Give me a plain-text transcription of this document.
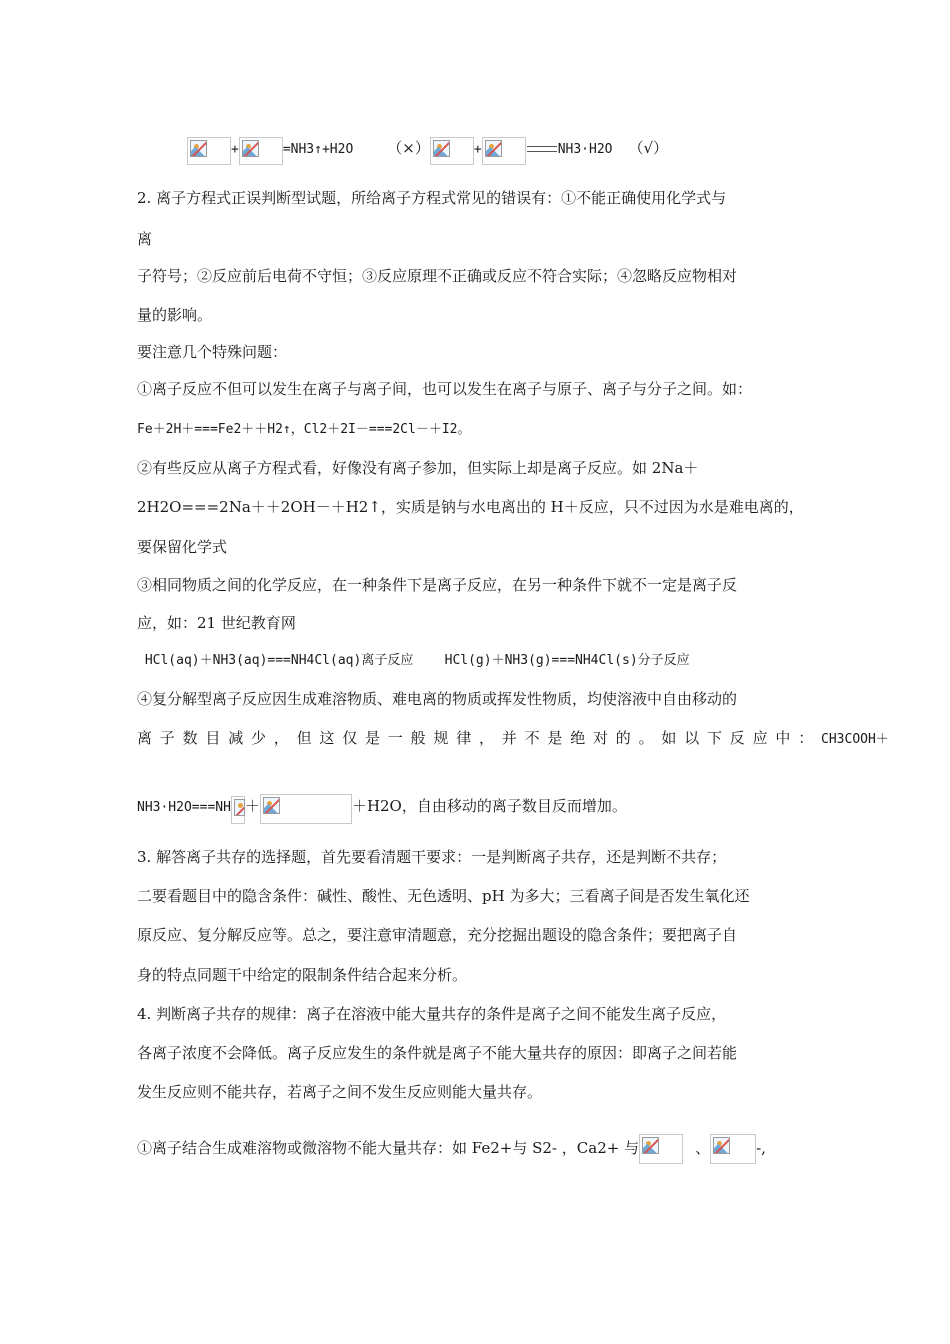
+	=NH3↑+H2O （×）	+	NH3·H2O （√）
2. 离子方程式正误判断型试题，所给离子方程式常见的错误有：①不能正确使用化学式与
离
子符号；②反应前后电荷不守恒；③反应原理不正确或反应不符合实际；④忽略反应物相对
量的影响。
要注意几个特殊问题：
①离子反应不但可以发生在离子与离子间，也可以发生在离子与原子、离子与分子之间。如：
Fe＋2H＋===Fe2＋＋H2↑，Cl2＋2I－===2Cl－＋I2。
②有些反应从离子方程式看，好像没有离子参加，但实际上却是离子反应。如 2Na＋
2H2O===2Na＋＋2OH－＋H2↑，实质是钠与水电离出的 H＋反应，只不过因为水是难电离的，
要保留化学式
③相同物质之间的化学反应，在一种条件下是离子反应，在另一种条件下就不一定是离子反
应，如：21 世纪教育网
HCl(aq)＋NH3(aq)===NH4Cl(aq)离子反应    HCl(g)＋NH3(g)===NH4Cl(s)分子反应
④复分解型离子反应因生成难溶物质、难电离的物质或挥发性物质，均使溶液中自由移动的
离子数目减少，但这仅是一般规律，并不是绝对的。如以下反应中：CH3COOH＋
NH3·H2O===NH ＋	＋H2O，自由移动的离子数目反而增加。
3. 解答离子共存的选择题，首先要看清题干要求：一是判断离子共存，还是判断不共存；
二要看题目中的隐含条件：碱性、酸性、无色透明、pH 为多大；三看离子间是否发生氧化还
原反应、复分解反应等。总之，要注意审清题意，充分挖掘出题设的隐含条件；要把离子自
身的特点同题干中给定的限制条件结合起来分析。
4. 判断离子共存的规律：离子在溶液中能大量共存的条件是离子之间不能发生离子反应，
各离子浓度不会降低。离子反应发生的条件就是离子不能大量共存的原因：即离子之间若能
发生反应则不能共存，若离子之间不发生反应则能大量共存。
①离子结合生成难溶物或微溶物不能大量共存：如 Fe2+与 S2- ，Ca2+ 与	、	-,
